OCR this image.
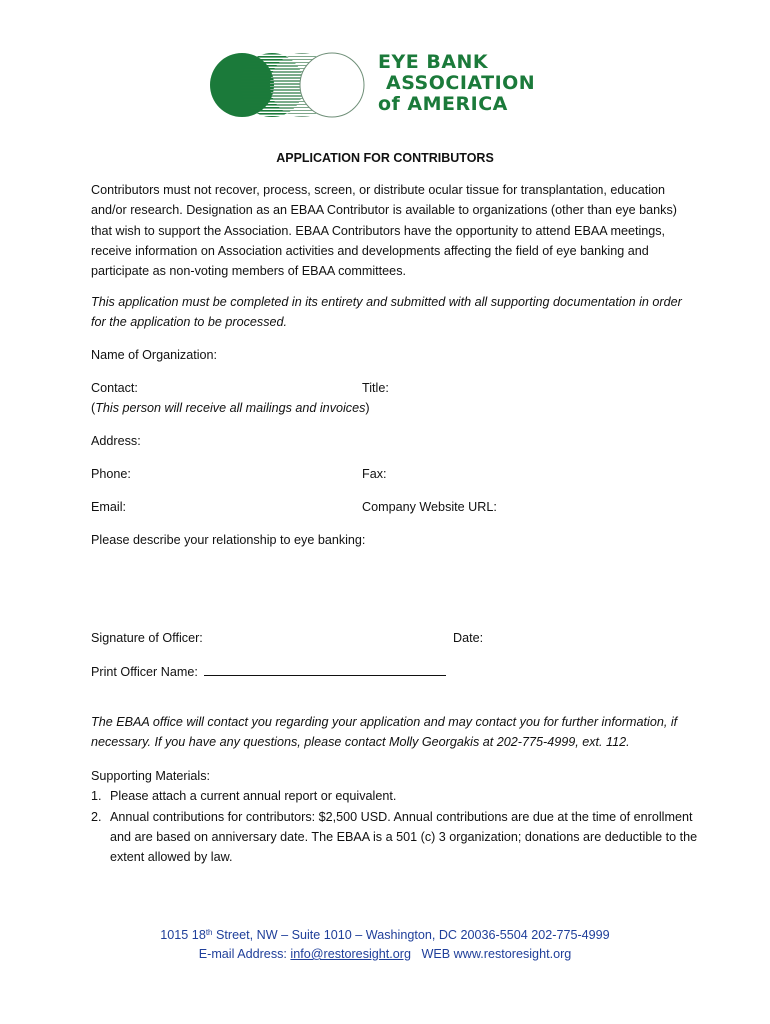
EYE BANK
ASSOCIATION
of AMERICA
APPLICATION FOR CONTRIBUTORS
Contributors must not recover, process, screen, or distribute ocular tissue for transplantation, education and/or research. Designation as an EBAA Contributor is available to organizations (other than eye banks) that wish to support the Association. EBAA Contributors have the opportunity to attend EBAA meetings, receive information on Association activities and developments affecting the field of eye banking and participate as non-voting members of EBAA committees.
This application must be completed in its entirety and submitted with all supporting documentation in order for the application to be processed.
Name of Organization:
Contact:	Title:
(This person will receive all mailings and invoices)
Address:
Phone:	Fax:
Email:	Company Website URL:
Please describe your relationship to eye banking:
Signature of Officer:	Date:
Print Officer Name:
The EBAA office will contact you regarding your application and may contact you for further information, if necessary. If you have any questions, please contact Molly Georgakis at 202-775-4999, ext. 112.
Supporting Materials:
1. Please attach a current annual report or equivalent.
2. Annual contributions for contributors: $2,500 USD. Annual contributions are due at the time of enrollment and are based on anniversary date. The EBAA is a 501 (c) 3 organization; donations are deductible to the extent allowed by law.
1015 18th Street, NW – Suite 1010 – Washington, DC 20036-5504 202-775-4999
E-mail Address: info@restoresight.org   WEB www.restoresight.org
